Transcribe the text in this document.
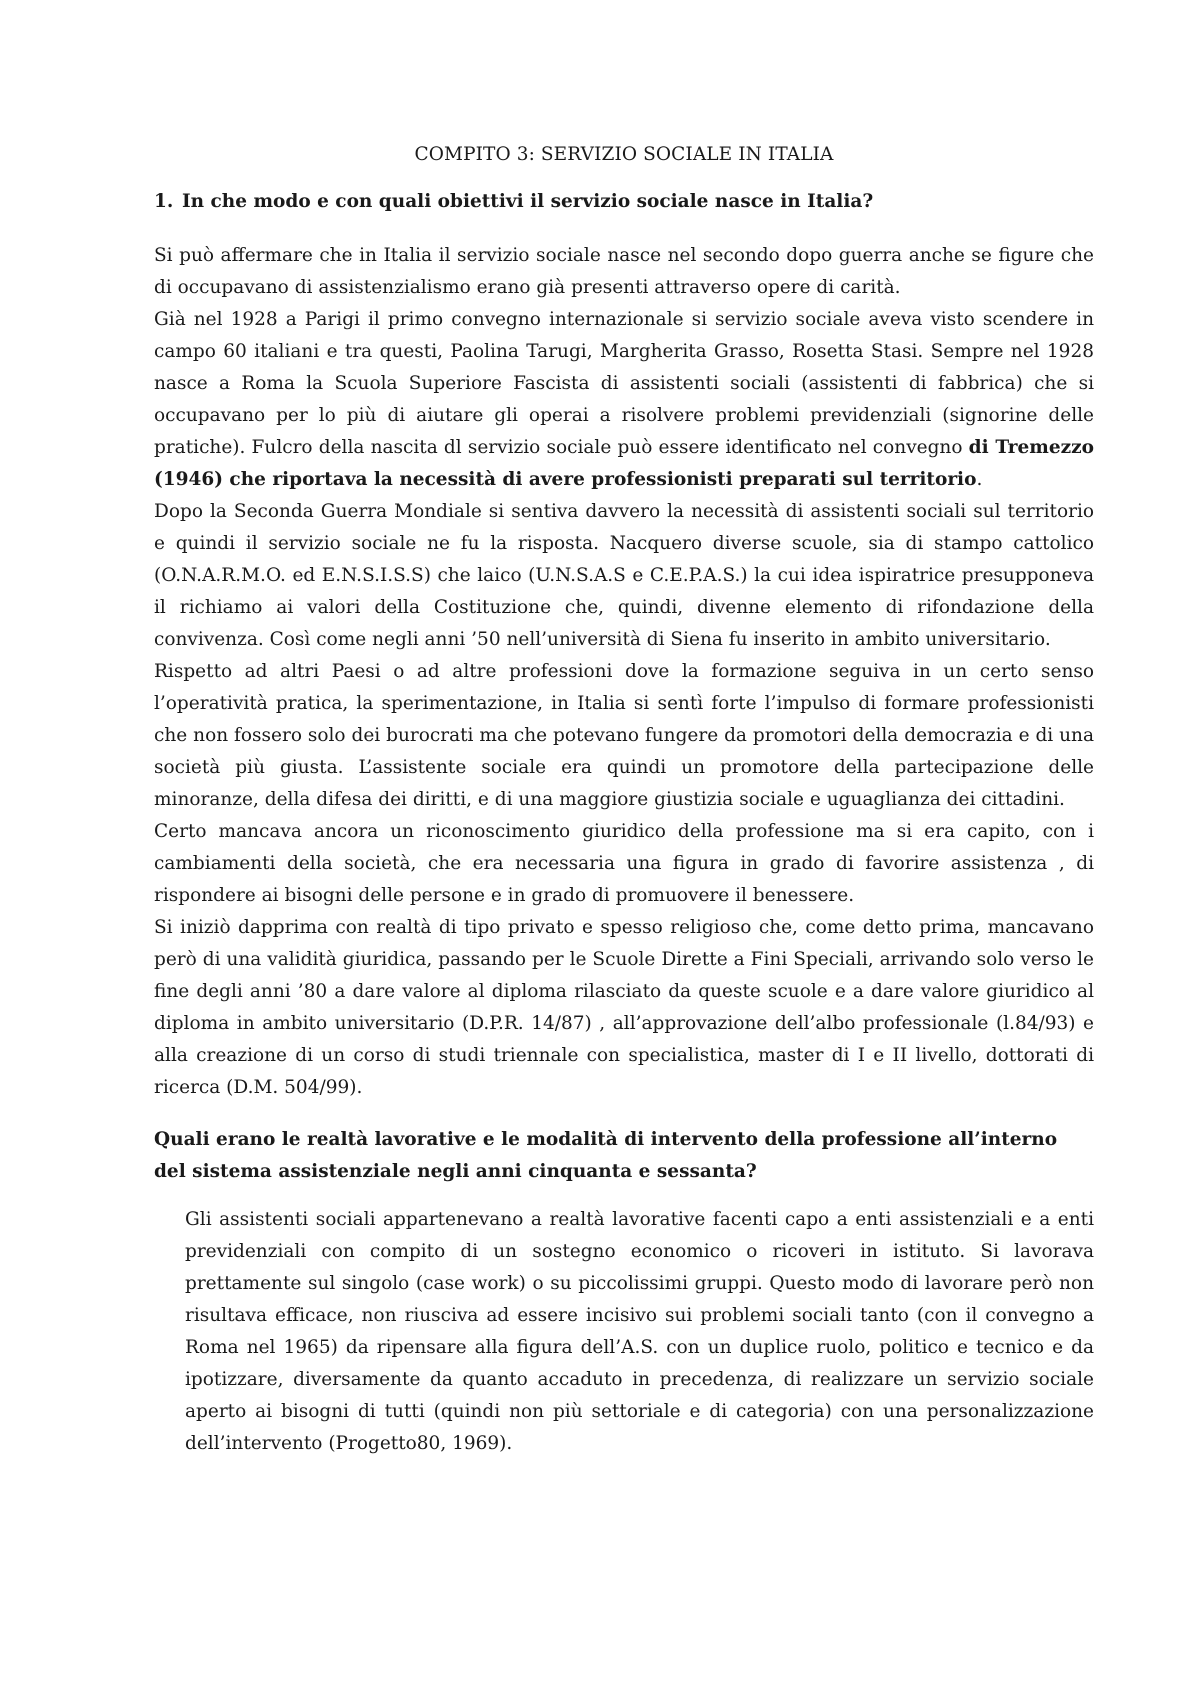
COMPITO 3: SERVIZIO SOCIALE IN ITALIA

1. In che modo e con quali obiettivi il servizio sociale nasce in Italia?

Si può affermare che in Italia il servizio sociale nasce nel secondo dopo guerra anche se figure che di occupavano di assistenzialismo erano già presenti attraverso opere di carità.

Già nel 1928 a Parigi il primo convegno internazionale si servizio sociale aveva visto scendere in campo 60 italiani e tra questi, Paolina Tarugi, Margherita Grasso, Rosetta Stasi. Sempre nel 1928 nasce a Roma la Scuola Superiore Fascista di assistenti sociali (assistenti di fabbrica) che si occupavano per lo più di aiutare gli operai a risolvere problemi previdenziali (signorine delle pratiche). Fulcro della nascita dl servizio sociale può essere identificato nel convegno di Tremezzo (1946) che riportava la necessità di avere professionisti preparati sul territorio.

Dopo la Seconda Guerra Mondiale si sentiva davvero la necessità di assistenti sociali sul territorio e quindi il servizio sociale ne fu la risposta. Nacquero diverse scuole, sia di stampo cattolico (O.N.A.R.M.O. ed E.N.S.I.S.S) che laico (U.N.S.A.S e C.E.P.A.S.) la cui idea ispiratrice presupponeva il richiamo ai valori della Costituzione che, quindi, divenne elemento di rifondazione della convivenza. Così come negli anni ’50 nell’università di Siena fu inserito in ambito universitario.

Rispetto ad altri Paesi o ad altre professioni dove la formazione seguiva in un certo senso l’operatività pratica, la sperimentazione, in Italia si sentì forte l’impulso di formare professionisti che non fossero solo dei burocrati ma che potevano fungere da promotori della democrazia e di una società più giusta. L’assistente sociale era quindi un promotore della partecipazione delle minoranze, della difesa dei diritti, e di una maggiore giustizia sociale e uguaglianza dei cittadini.

Certo mancava ancora un riconoscimento giuridico della professione ma si era capito, con i cambiamenti della società, che era necessaria una figura in grado di favorire assistenza , di rispondere ai bisogni delle persone e in grado di promuovere il benessere.

Si iniziò dapprima con realtà di tipo privato e spesso religioso che, come detto prima, mancavano però di una validità giuridica, passando per le Scuole Dirette a Fini Speciali, arrivando solo verso le fine degli anni ’80 a dare valore al diploma rilasciato da queste scuole e a dare valore giuridico al diploma in ambito universitario (D.P.R. 14/87) , all’approvazione dell’albo professionale (l.84/93) e alla creazione di un corso di studi triennale con specialistica, master di I e II livello, dottorati di ricerca (D.M. 504/99).

Quali erano le realtà lavorative e le modalità di intervento della professione all’interno del sistema assistenziale negli anni cinquanta e sessanta?

Gli assistenti sociali appartenevano a realtà lavorative facenti capo a enti assistenziali e a enti previdenziali con compito di un sostegno economico o ricoveri in istituto. Si lavorava prettamente sul singolo (case work) o su piccolissimi gruppi. Questo modo di lavorare però non risultava efficace, non riusciva ad essere incisivo sui problemi sociali tanto (con il convegno a Roma nel 1965) da ripensare alla figura dell’A.S. con un duplice ruolo, politico e tecnico e da ipotizzare, diversamente da quanto accaduto in precedenza, di realizzare un servizio sociale aperto ai bisogni di tutti (quindi non più settoriale e di categoria) con una personalizzazione dell’intervento (Progetto80, 1969).
